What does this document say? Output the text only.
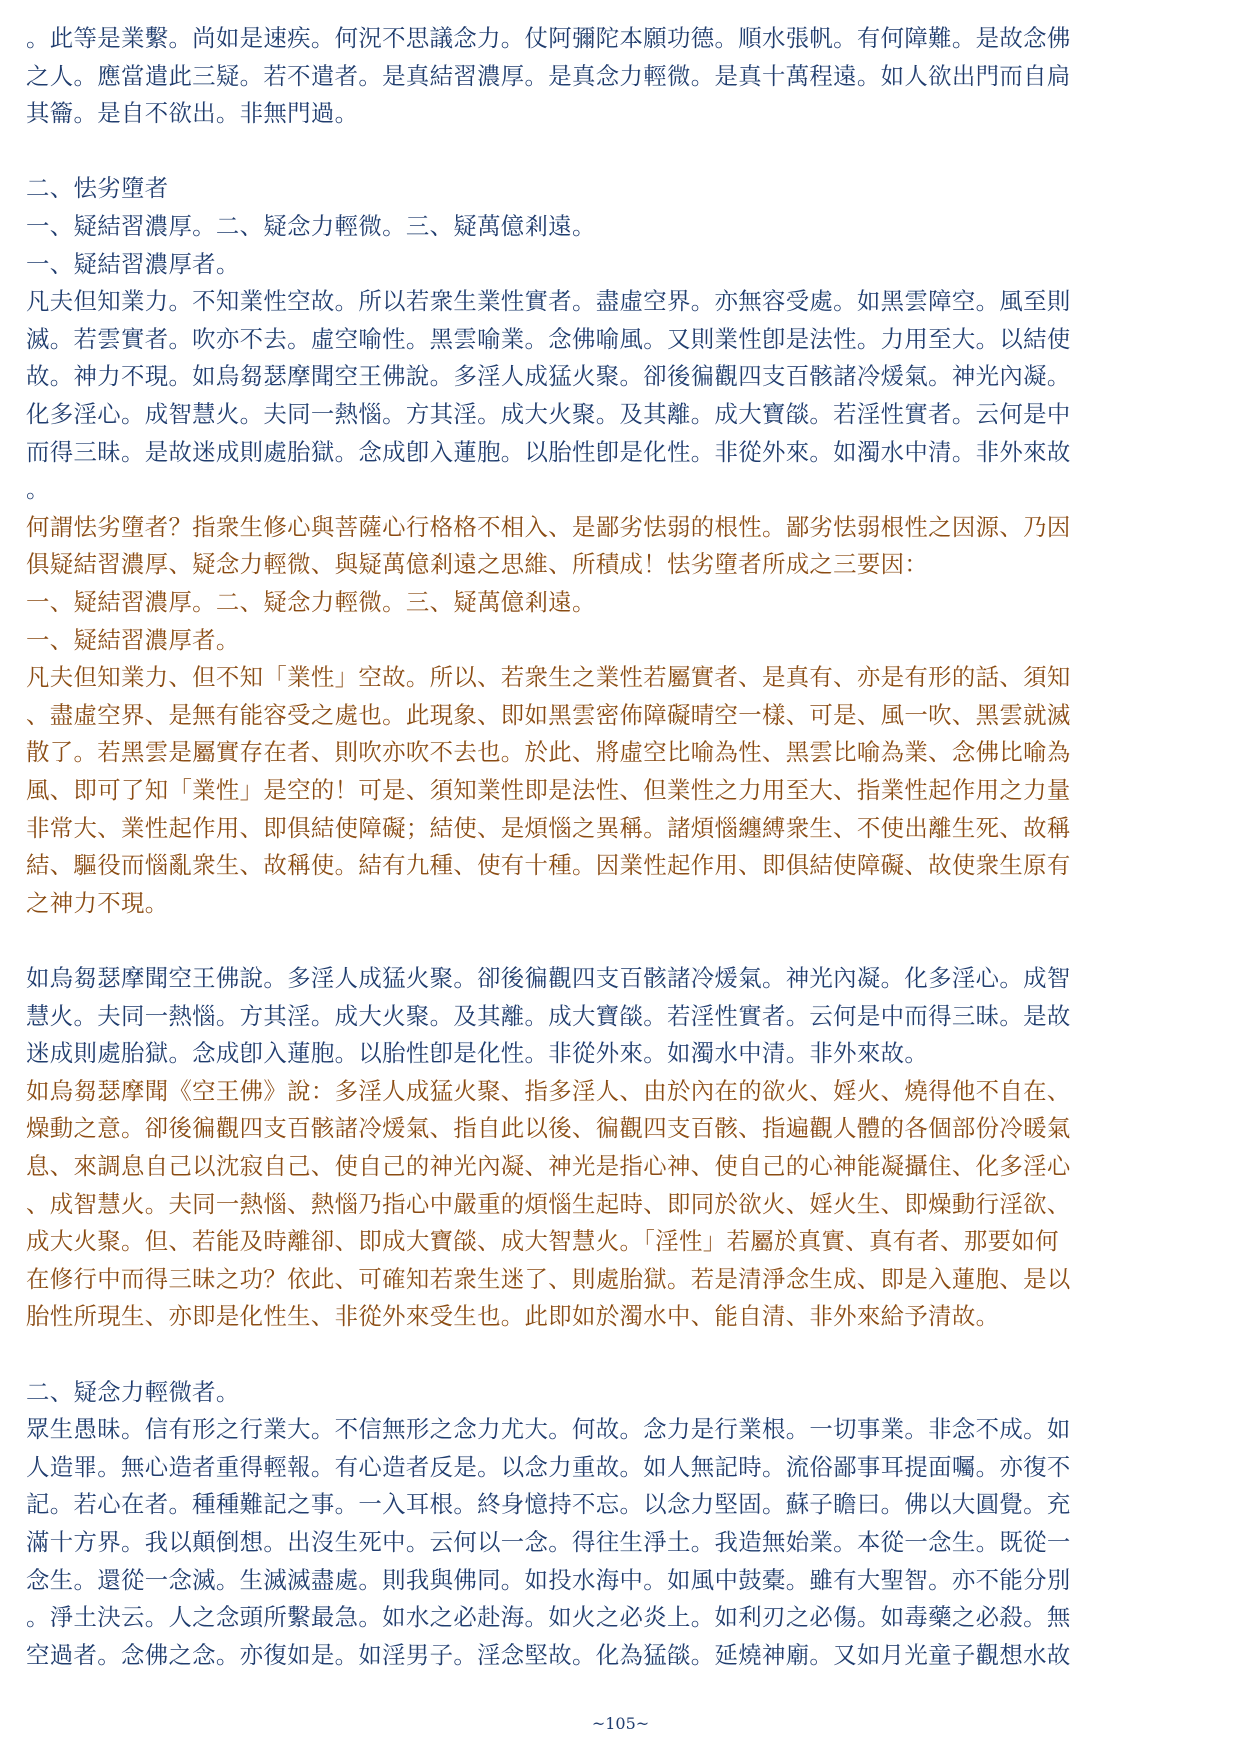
。此等是業繫。尚如是速疾。何況不思議念力。仗阿彌陀本願功德。順水張帆。有何障難。是故念佛
之人。應當遣此三疑。若不遣者。是真結習濃厚。是真念力輕微。是真十萬程遠。如人欲出門而自扃
其籥。是自不欲出。非無門過。
二、怯劣墮者
一、疑結習濃厚。二、疑念力輕微。三、疑萬億剎遠。
一、疑結習濃厚者。
凡夫但知業力。不知業性空故。所以若衆生業性實者。盡虛空界。亦無容受處。如黑雲障空。風至則
滅。若雲實者。吹亦不去。虛空喻性。黑雲喻業。念佛喻風。又則業性卽是法性。力用至大。以結使
故。神力不現。如烏芻瑟摩聞空王佛說。多淫人成猛火聚。卻後徧觀四支百骸諸冷煖氣。神光內凝。
化多淫心。成智慧火。夫同一熱惱。方其淫。成大火聚。及其離。成大寶燄。若淫性實者。云何是中
而得三昧。是故迷成則處胎獄。念成卽入蓮胞。以胎性卽是化性。非從外來。如濁水中清。非外來故
。
何謂怯劣墮者？指衆生修心與菩薩心行格格不相入、是鄙劣怯弱的根性。鄙劣怯弱根性之因源、乃因
俱疑結習濃厚、疑念力輕微、與疑萬億剎遠之思維、所積成！怯劣墮者所成之三要因：
一、疑結習濃厚。二、疑念力輕微。三、疑萬億剎遠。
一、疑結習濃厚者。
凡夫但知業力、但不知「業性」空故。所以、若衆生之業性若屬實者、是真有、亦是有形的話、須知
、盡虛空界、是無有能容受之處也。此現象、即如黑雲密佈障礙晴空一樣、可是、風一吹、黑雲就滅
散了。若黑雲是屬實存在者、則吹亦吹不去也。於此、將虛空比喻為性、黑雲比喻為業、念佛比喻為
風、即可了知「業性」是空的！可是、須知業性即是法性、但業性之力用至大、指業性起作用之力量
非常大、業性起作用、即俱結使障礙；結使、是煩惱之異稱。諸煩惱纏縛衆生、不使出離生死、故稱
結、驅役而惱亂衆生、故稱使。結有九種、使有十種。因業性起作用、即俱結使障礙、故使衆生原有
之神力不現。
如烏芻瑟摩聞空王佛說。多淫人成猛火聚。卻後徧觀四支百骸諸冷煖氣。神光內凝。化多淫心。成智
慧火。夫同一熱惱。方其淫。成大火聚。及其離。成大寶燄。若淫性實者。云何是中而得三昧。是故
迷成則處胎獄。念成卽入蓮胞。以胎性卽是化性。非從外來。如濁水中清。非外來故。
如烏芻瑟摩聞《空王佛》說：多淫人成猛火聚、指多淫人、由於內在的欲火、婬火、燒得他不自在、
燥動之意。卻後徧觀四支百骸諸冷煖氣、指自此以後、徧觀四支百骸、指遍觀人體的各個部份冷暖氣
息、來調息自己以沈寂自己、使自己的神光內凝、神光是指心神、使自己的心神能凝攝住、化多淫心
、成智慧火。夫同一熱惱、熱惱乃指心中嚴重的煩惱生起時、即同於欲火、婬火生、即燥動行淫欲、
成大火聚。但、若能及時離卻、即成大寶燄、成大智慧火。「淫性」若屬於真實、真有者、那要如何
在修行中而得三昧之功？依此、可確知若衆生迷了、則處胎獄。若是清淨念生成、即是入蓮胞、是以
胎性所現生、亦即是化性生、非從外來受生也。此即如於濁水中、能自清、非外來給予清故。
二、疑念力輕微者。
眾生愚昧。信有形之行業大。不信無形之念力尤大。何故。念力是行業根。一切事業。非念不成。如
人造罪。無心造者重得輕報。有心造者反是。以念力重故。如人無記時。流俗鄙事耳提面囑。亦復不
記。若心在者。種種難記之事。一入耳根。終身憶持不忘。以念力堅固。蘇子瞻曰。佛以大圓覺。充
滿十方界。我以顛倒想。出沒生死中。云何以一念。得往生淨土。我造無始業。本從一念生。既從一
念生。還從一念滅。生滅滅盡處。則我與佛同。如投水海中。如風中鼓橐。雖有大聖智。亦不能分別
。淨土決云。人之念頭所繫最急。如水之必赴海。如火之必炎上。如利刃之必傷。如毒藥之必殺。無
空過者。念佛之念。亦復如是。如淫男子。淫念堅故。化為猛燄。延燒神廟。又如月光童子觀想水故
~105~
